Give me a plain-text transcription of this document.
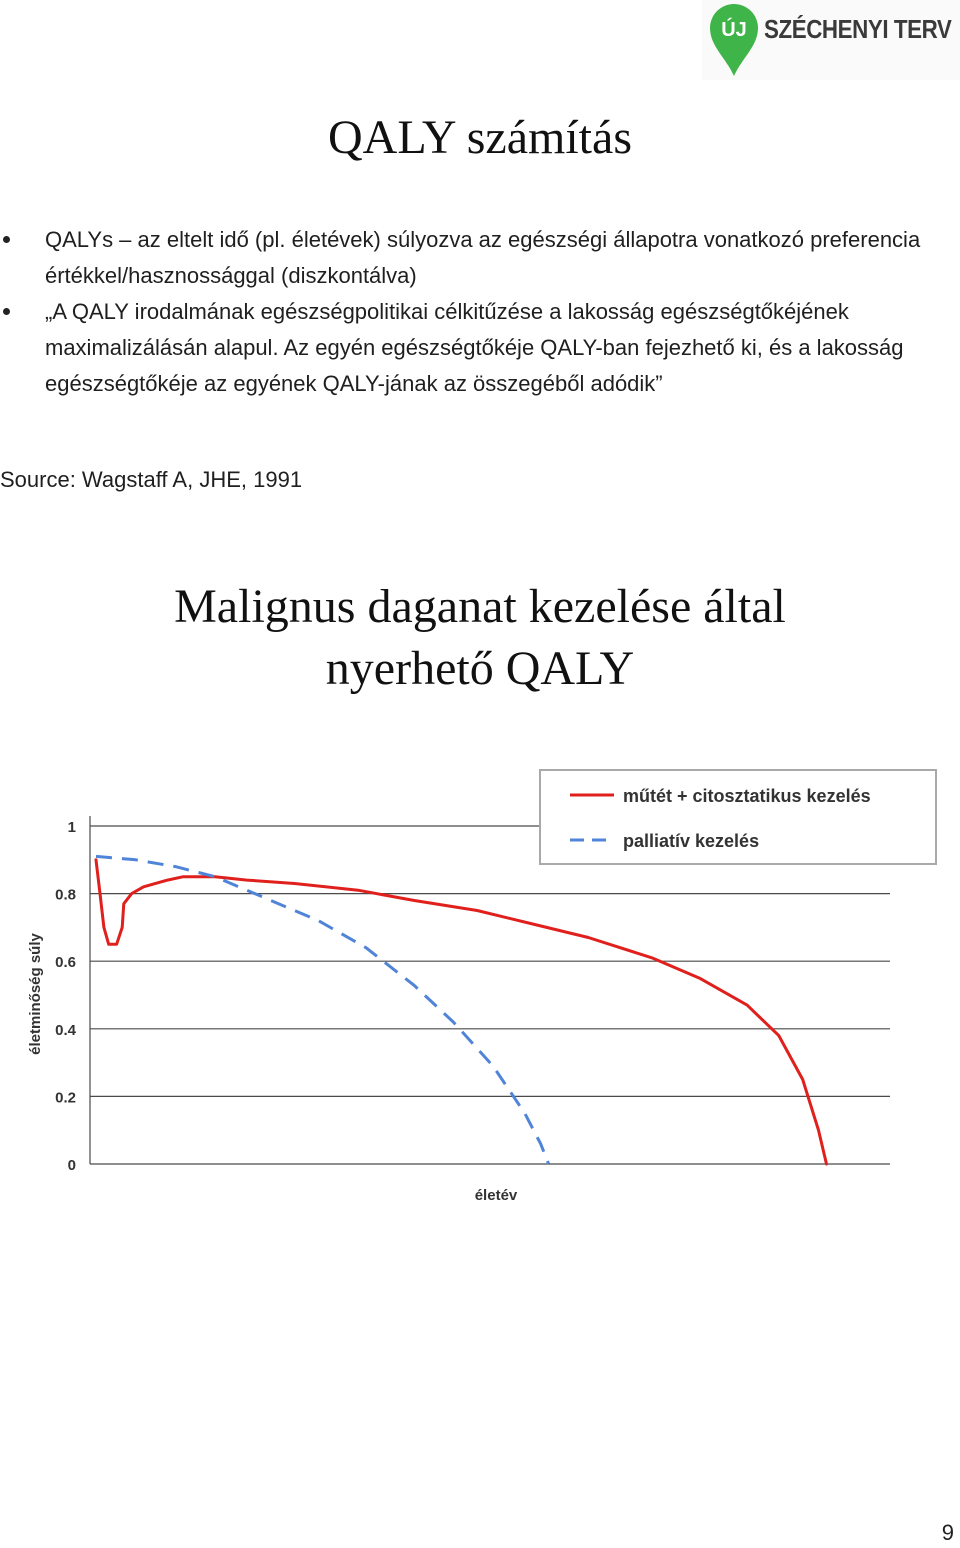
ÚJ SZÉCHENYI TERV
QALY számítás
QALYs – az eltelt idő (pl. életévek) súlyozva az egészségi állapotra vonatkozó preferencia értékkel/hasznossággal (diszkontálva)
„A QALY irodalmának egészségpolitikai célkitűzése a lakosság egészségtőkéjének maximalizálásán alapul. Az egyén egészségtőkéje QALY-ban fejezhető ki, és a lakosság egészségtőkéje az egyének QALY-jának az összegéből adódik”
Source: Wagstaff A, JHE, 1991
Malignus daganat kezelése által nyerhető QALY
0
0.2
0.4
0.6
0.8
1
életév
életminőség súly
műtét + citosztatikus kezelés
palliatív kezelés
9
